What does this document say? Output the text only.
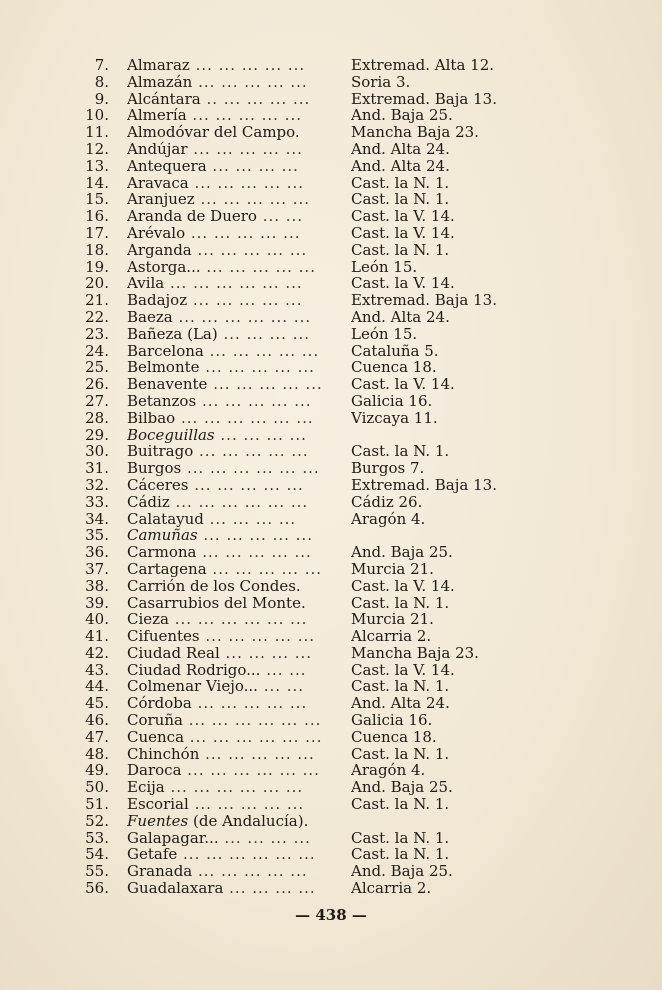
7. Almaraz ... ... ... ... ...	Extremad. Alta 12.
8. Almazán ... ... ... ... ...	Soria 3.
9. Alcántara .. ... ... ... ...	Extremad. Baja 13.
10. Almería ... ... ... ... ...	And. Baja 25.
11. Almodóvar del Campo.	Mancha Baja 23.
12. Andújar ... ... ... ... ...	And. Alta 24.
13. Antequera ... ... ... ...	And. Alta 24.
14. Aravaca ... ... ... ... ...	Cast. la N. 1.
15. Aranjuez ... ... ... ... ...	Cast. la N. 1.
16. Aranda de Duero ... ...	Cast. la V. 14.
17. Arévalo ... ... ... ... ...	Cast. la V. 14.
18. Arganda ... ... ... ... ...	Cast. la N. 1.
19. Astorga... ... ... ... ... ...	León 15.
20. Avila ... ... ... ... ... ...	Cast. la V. 14.
21. Badajoz ... ... ... ... ...	Extremad. Baja 13.
22. Baeza ... ... ... ... ... ...	And. Alta 24.
23. Bañeza (La) ... ... ... ...	León 15.
24. Barcelona ... ... ... ... ...	Cataluña 5.
25. Belmonte ... ... ... ... ...	Cuenca 18.
26. Benavente ... ... ... ... ...	Cast. la V. 14.
27. Betanzos ... ... ... ... ...	Galicia 16.
28. Bilbao ... ... ... ... ... ...	Vizcaya 11.
29. Boceguillas ... ... ... ...
30. Buitrago ... ... ... ... ...	Cast. la N. 1.
31. Burgos ... ... ... ... ... ...	Burgos 7.
32. Cáceres ... ... ... ... ...	Extremad. Baja 13.
33. Cádiz ... ... ... ... ... ...	Cádiz 26.
34. Calatayud ... ... ... ...	Aragón 4.
35. Camuñas ... ... ... ... ...
36. Carmona ... ... ... ... ...	And. Baja 25.
37. Cartagena ... ... ... ... ...	Murcia 21.
38. Carrión de los Condes.	Cast. la V. 14.
39. Casarrubios del Monte.	Cast. la N. 1.
40. Cieza ... ... ... ... ... ...	Murcia 21.
41. Cifuentes ... ... ... ... ...	Alcarria 2.
42. Ciudad Real ... ... ... ...	Mancha Baja 23.
43. Ciudad Rodrigo... ... ...	Cast. la V. 14.
44. Colmenar Viejo... ... ...	Cast. la N. 1.
45. Córdoba ... ... ... ... ...	And. Alta 24.
46. Coruña ... ... ... ... ... ...	Galicia 16.
47. Cuenca ... ... ... ... ... ...	Cuenca 18.
48. Chinchón ... ... ... ... ...	Cast. la N. 1.
49. Daroca ... ... ... ... ... ...	Aragón 4.
50. Ecija ... ... ... ... ... ...	And. Baja 25.
51. Escorial ... ... ... ... ...	Cast. la N. 1.
52. Fuentes (de Andalucía).
53. Galapagar... ... ... ... ...	Cast. la N. 1.
54. Getafe ... ... ... ... ... ...	Cast. la N. 1.
55. Granada ... ... ... ... ...	And. Baja 25.
56. Guadalaxara ... ... ... ...	Alcarria 2.
— 438 —
